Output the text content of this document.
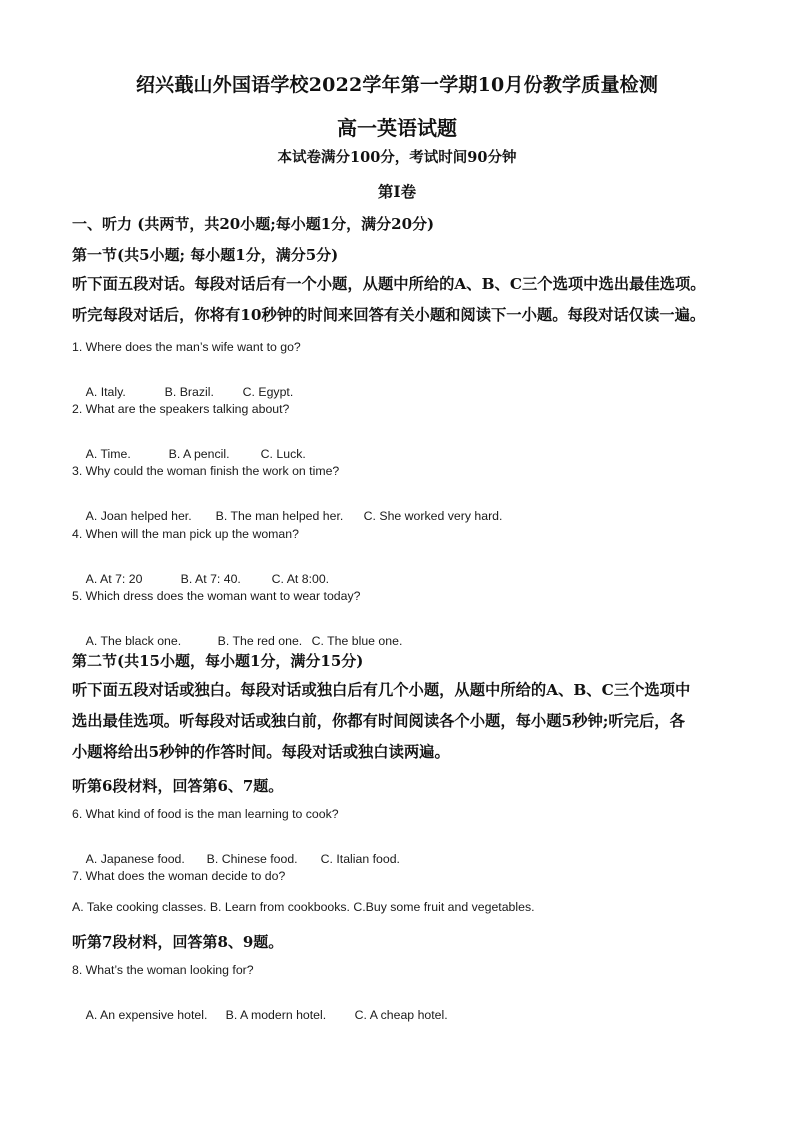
绍兴蕺山外国语学校2022学年第一学期10月份教学质量检测
高一英语试题
本试卷满分100分，考试时间90分钟
第Ⅰ卷
一、听力 (共两节，共20小题;每小题1分，满分20分)
第一节(共5小题; 每小题1分，满分5分)
听下面五段对话。每段对话后有一个小题，从题中所给的A、B、C三个选项中选出最佳选项。
听完每段对话后，你将有10秒钟的时间来回答有关小题和阅读下一小题。每段对话仅读一遍。
1. Where does the man’s wife want to go?

A. Italy.	B. Brazil. C. Egypt.

2. What are the speakers talking about?

A. Time.	B. A pencil.	C. Luck.

3. Why could the woman finish the work on time?

A. Joan helped her. B. The man helped her. C. She worked very hard.

4. When will the man pick up the woman?

A. At 7: 20	B. At 7: 40.	C. At 8:00.

5. Which dress does the woman want to wear today?

A. The black one.	B. The red one. C. The blue one.

第二节(共15小题，每小题1分，满分15分)
听下面五段对话或独白。每段对话或独白后有几个小题，从题中所给的A、B、C三个选项中
选出最佳选项。听每段对话或独白前，你都有时间阅读各个小题，每小题5秒钟;听完后，各
小题将给出5秒钟的作答时间。每段对话或独白读两遍。
听第6段材料，回答第6、7题。
6. What kind of food is the man learning to cook?

A. Japanese food. B. Chinese food. C. Italian food.

7. What does the woman decide to do?
A. Take cooking classes. B. Learn from cookbooks. C.Buy some fruit and vegetables.
听第7段材料，回答第8、9题。
8. What’s the woman looking for?

A. An expensive hotel. B. A modern hotel. C. A cheap hotel.
